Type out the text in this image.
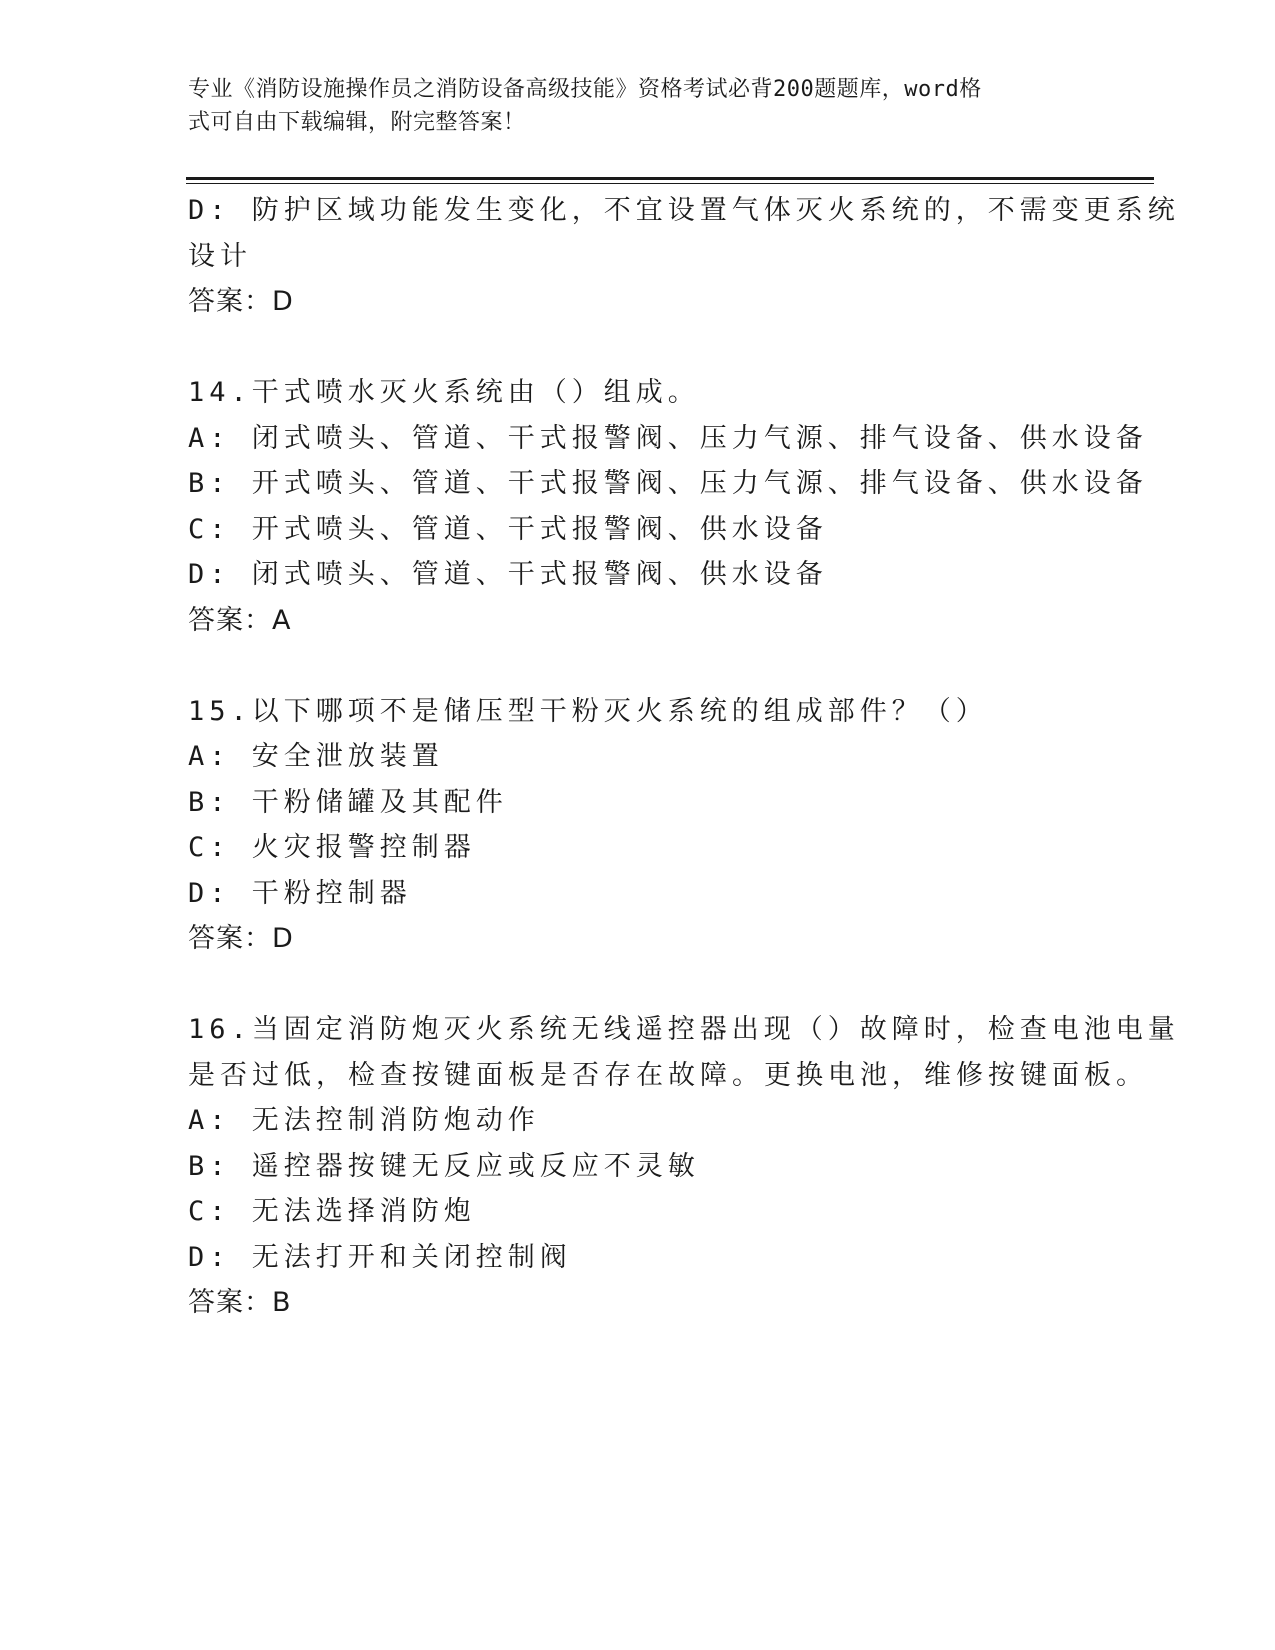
专业《消防设施操作员之消防设备高级技能》资格考试必背200题题库，word格
式可自由下载编辑，附完整答案！
D: 防护区域功能发生变化，不宜设置气体灭火系统的，不需变更系统
设计
答案：D
14.干式喷水灭火系统由（）组成。
A: 闭式喷头、管道、干式报警阀、压力气源、排气设备、供水设备
B: 开式喷头、管道、干式报警阀、压力气源、排气设备、供水设备
C: 开式喷头、管道、干式报警阀、供水设备
D: 闭式喷头、管道、干式报警阀、供水设备
答案：A
15.以下哪项不是储压型干粉灭火系统的组成部件？（）
A: 安全泄放装置
B: 干粉储罐及其配件
C: 火灾报警控制器
D: 干粉控制器
答案：D
16.当固定消防炮灭火系统无线遥控器出现（）故障时，检查电池电量
是否过低，检查按键面板是否存在故障。更换电池，维修按键面板。
A: 无法控制消防炮动作
B: 遥控器按键无反应或反应不灵敏
C: 无法选择消防炮
D: 无法打开和关闭控制阀
答案：B
